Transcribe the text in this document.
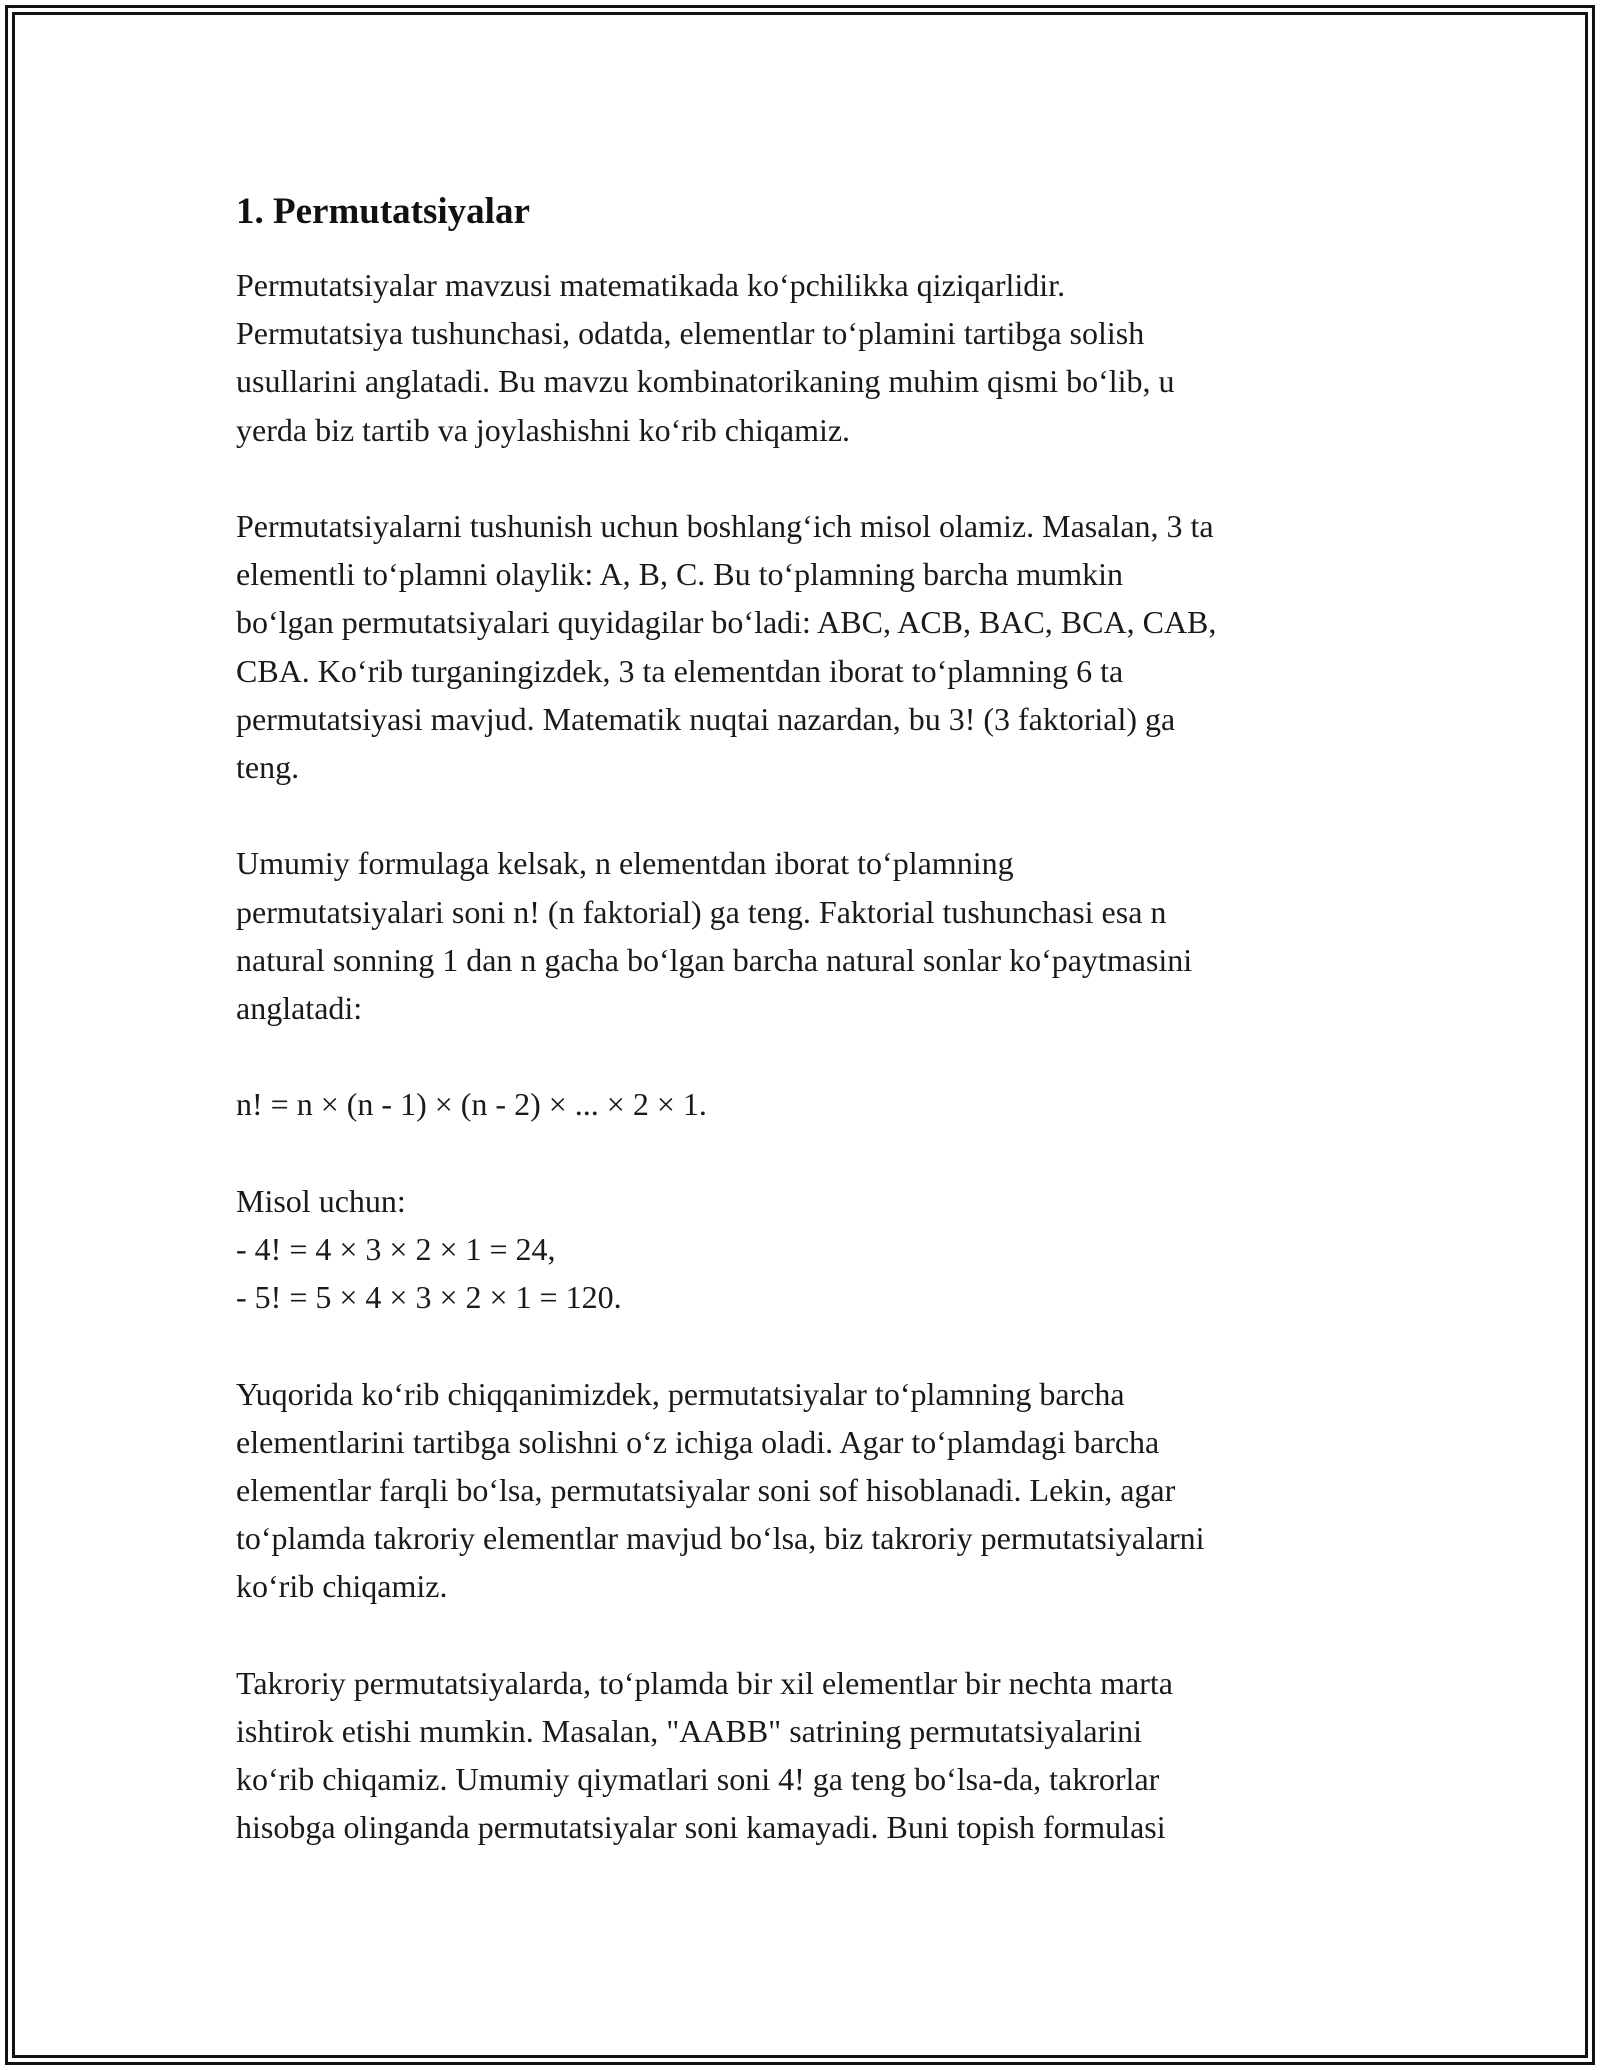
1. Permutatsiyalar

Permutatsiyalar mavzusi matematikada ko‘pchilikka qiziqarlidir.
Permutatsiya tushunchasi, odatda, elementlar to‘plamini tartibga solish
usullarini anglatadi. Bu mavzu kombinatorikaning muhim qismi bo‘lib, u
yerda biz tartib va joylashishni ko‘rib chiqamiz.

Permutatsiyalarni tushunish uchun boshlang‘ich misol olamiz. Masalan, 3 ta
elementli to‘plamni olaylik: A, B, C. Bu to‘plamning barcha mumkin
bo‘lgan permutatsiyalari quyidagilar bo‘ladi: ABC, ACB, BAC, BCA, CAB,
CBA. Ko‘rib turganingizdek, 3 ta elementdan iborat to‘plamning 6 ta
permutatsiyasi mavjud. Matematik nuqtai nazardan, bu 3! (3 faktorial) ga
teng.

Umumiy formulaga kelsak, n elementdan iborat to‘plamning
permutatsiyalari soni n! (n faktorial) ga teng. Faktorial tushunchasi esa n
natural sonning 1 dan n gacha bo‘lgan barcha natural sonlar ko‘paytmasini
anglatadi:

n! = n × (n - 1) × (n - 2) × ... × 2 × 1.

Misol uchun:
- 4! = 4 × 3 × 2 × 1 = 24,
- 5! = 5 × 4 × 3 × 2 × 1 = 120.

Yuqorida ko‘rib chiqqanimizdek, permutatsiyalar to‘plamning barcha
elementlarini tartibga solishni o‘z ichiga oladi. Agar to‘plamdagi barcha
elementlar farqli bo‘lsa, permutatsiyalar soni sof hisoblanadi. Lekin, agar
to‘plamda takroriy elementlar mavjud bo‘lsa, biz takroriy permutatsiyalarni
ko‘rib chiqamiz.

Takroriy permutatsiyalarda, to‘plamda bir xil elementlar bir nechta marta
ishtirok etishi mumkin. Masalan, "AABB" satrining permutatsiyalarini
ko‘rib chiqamiz. Umumiy qiymatlari soni 4! ga teng bo‘lsa-da, takrorlar
hisobga olinganda permutatsiyalar soni kamayadi. Buni topish formulasi
